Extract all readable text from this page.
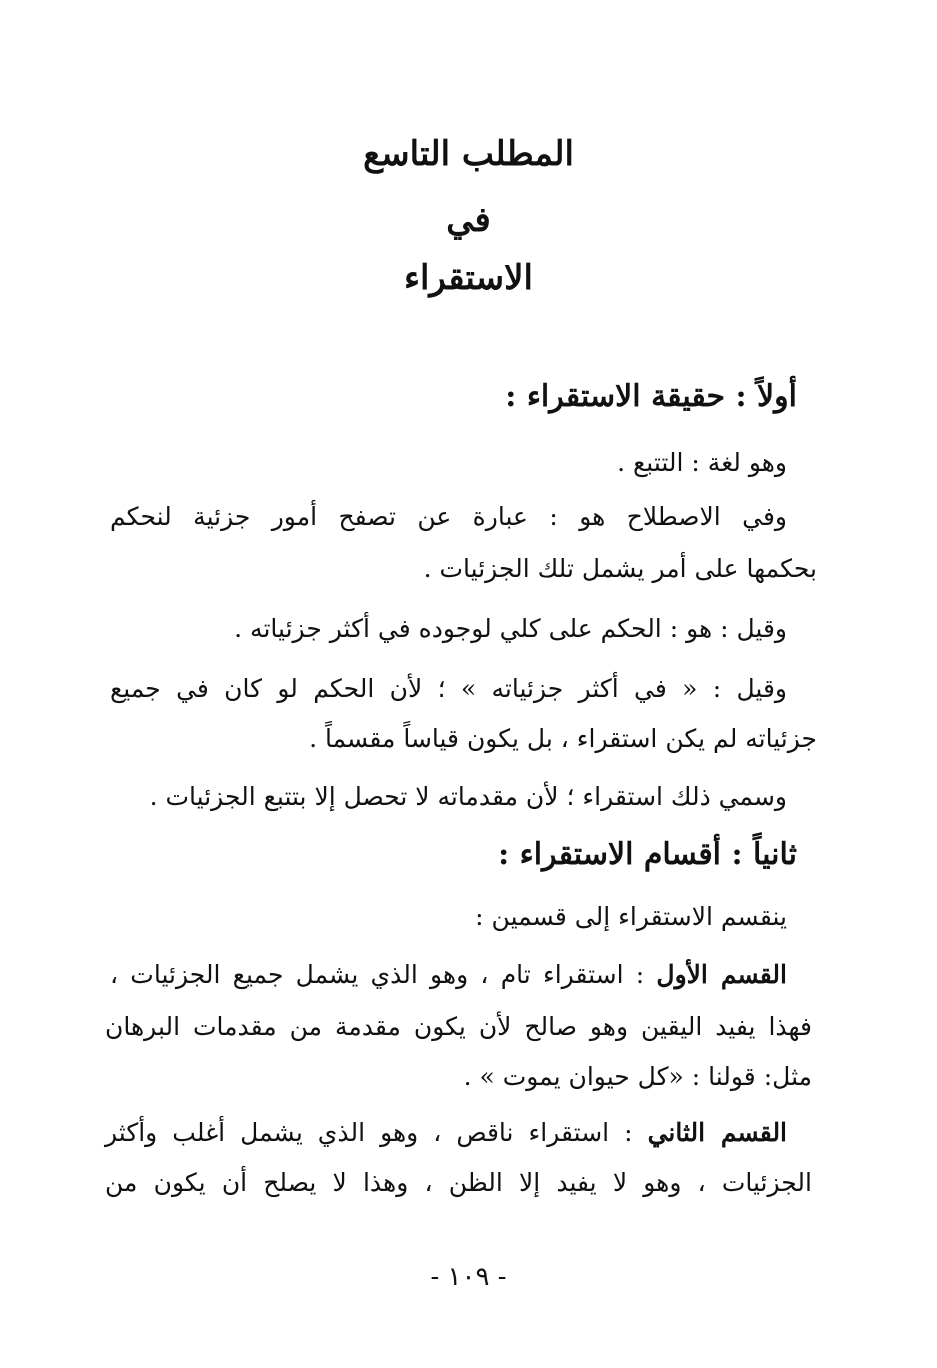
المطلب التاسع
في
الاستقراء
أولاً : حقيقة الاستقراء :
وهو لغة : التتبع .
وفي الاصطلاح هو : عبارة عن تصفح أمور جزئية لنحكم
بحكمها على أمر يشمل تلك الجزئيات .
وقيل : هو : الحكم على كلي لوجوده في أكثر جزئياته .
وقيل : « في أكثر جزئياته » ؛ لأن الحكم لو كان في جميع
جزئياته لم يكن استقراء ، بل يكون قياساً مقسماً .
وسمي ذلك استقراء ؛ لأن مقدماته لا تحصل إلا بتتبع الجزئيات .
ثانياً : أقسام الاستقراء :
ينقسم الاستقراء إلى قسمين :
القسم الأول : استقراء تام ، وهو الذي يشمل جميع الجزئيات ،
فهذا يفيد اليقين وهو صالح لأن يكون مقدمة من مقدمات البرهان
مثل: قولنا : «كل حيوان يموت » .
القسم الثاني : استقراء ناقص ، وهو الذي يشمل أغلب وأكثر
الجزئيات ، وهو لا يفيد إلا الظن ، وهذا لا يصلح أن يكون من
- ١٠٩ -
